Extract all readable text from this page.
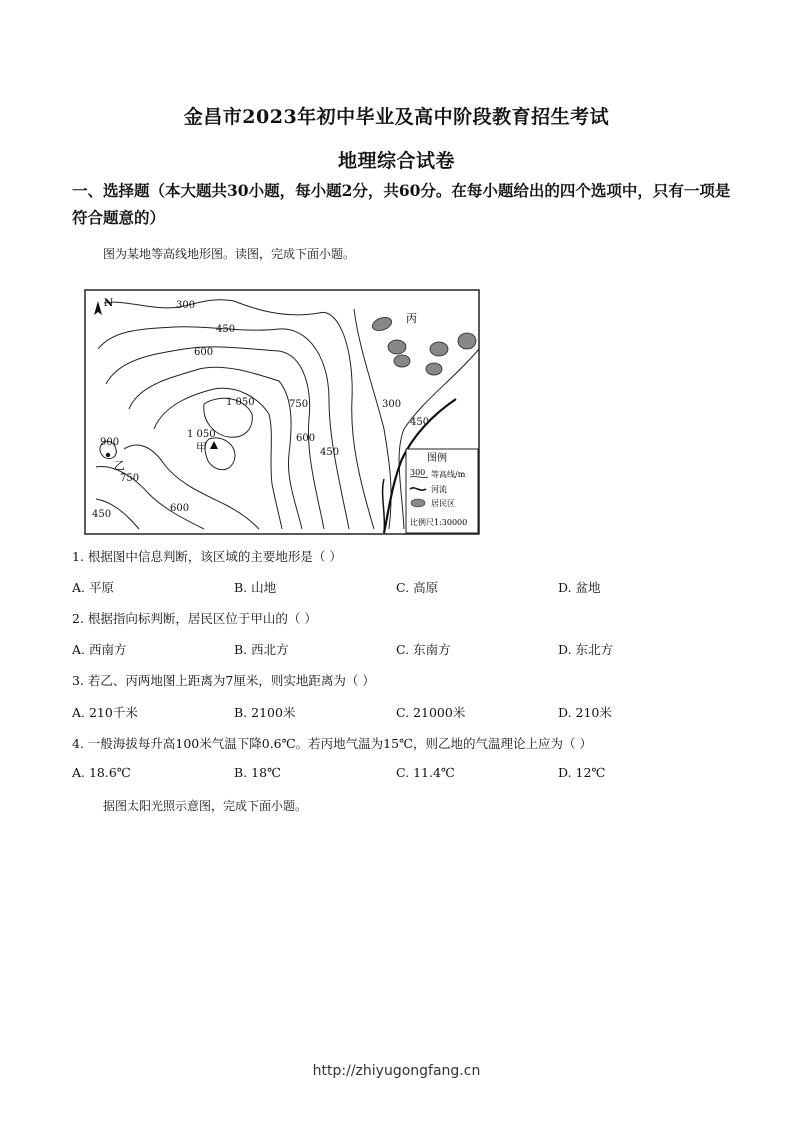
金昌市2023年初中毕业及高中阶段教育招生考试
地理综合试卷
一、选择题（本大题共30小题，每小题2分，共60分。在每小题给出的四个选项中，只有一项是符合题意的）
图为某地等高线地形图。读图，完成下面小题。
N	300
450
600
1 050	750	300
450
1 050	600
900
450
750
450
600
乙
甲
丙
图例
300 等高线/m
河流
居民区
比例尺1:30000
1. 根据图中信息判断，该区域的主要地形是（ ）
A. 平原	B. 山地	C. 高原	D. 盆地
2. 根据指向标判断，居民区位于甲山的（ ）
A. 西南方	B. 西北方	C. 东南方	D. 东北方
3. 若乙、丙两地图上距离为7厘米，则实地距离为（ ）
A. 210千米	B. 2100米	C. 21000米	D. 210米
4. 一般海拔每升高100米气温下降0.6℃。若丙地气温为15℃，则乙地的气温理论上应为（ ）
A. 18.6℃	B. 18℃	C. 11.4℃	D. 12℃
据图太阳光照示意图，完成下面小题。
http://zhiyugongfang.cn
